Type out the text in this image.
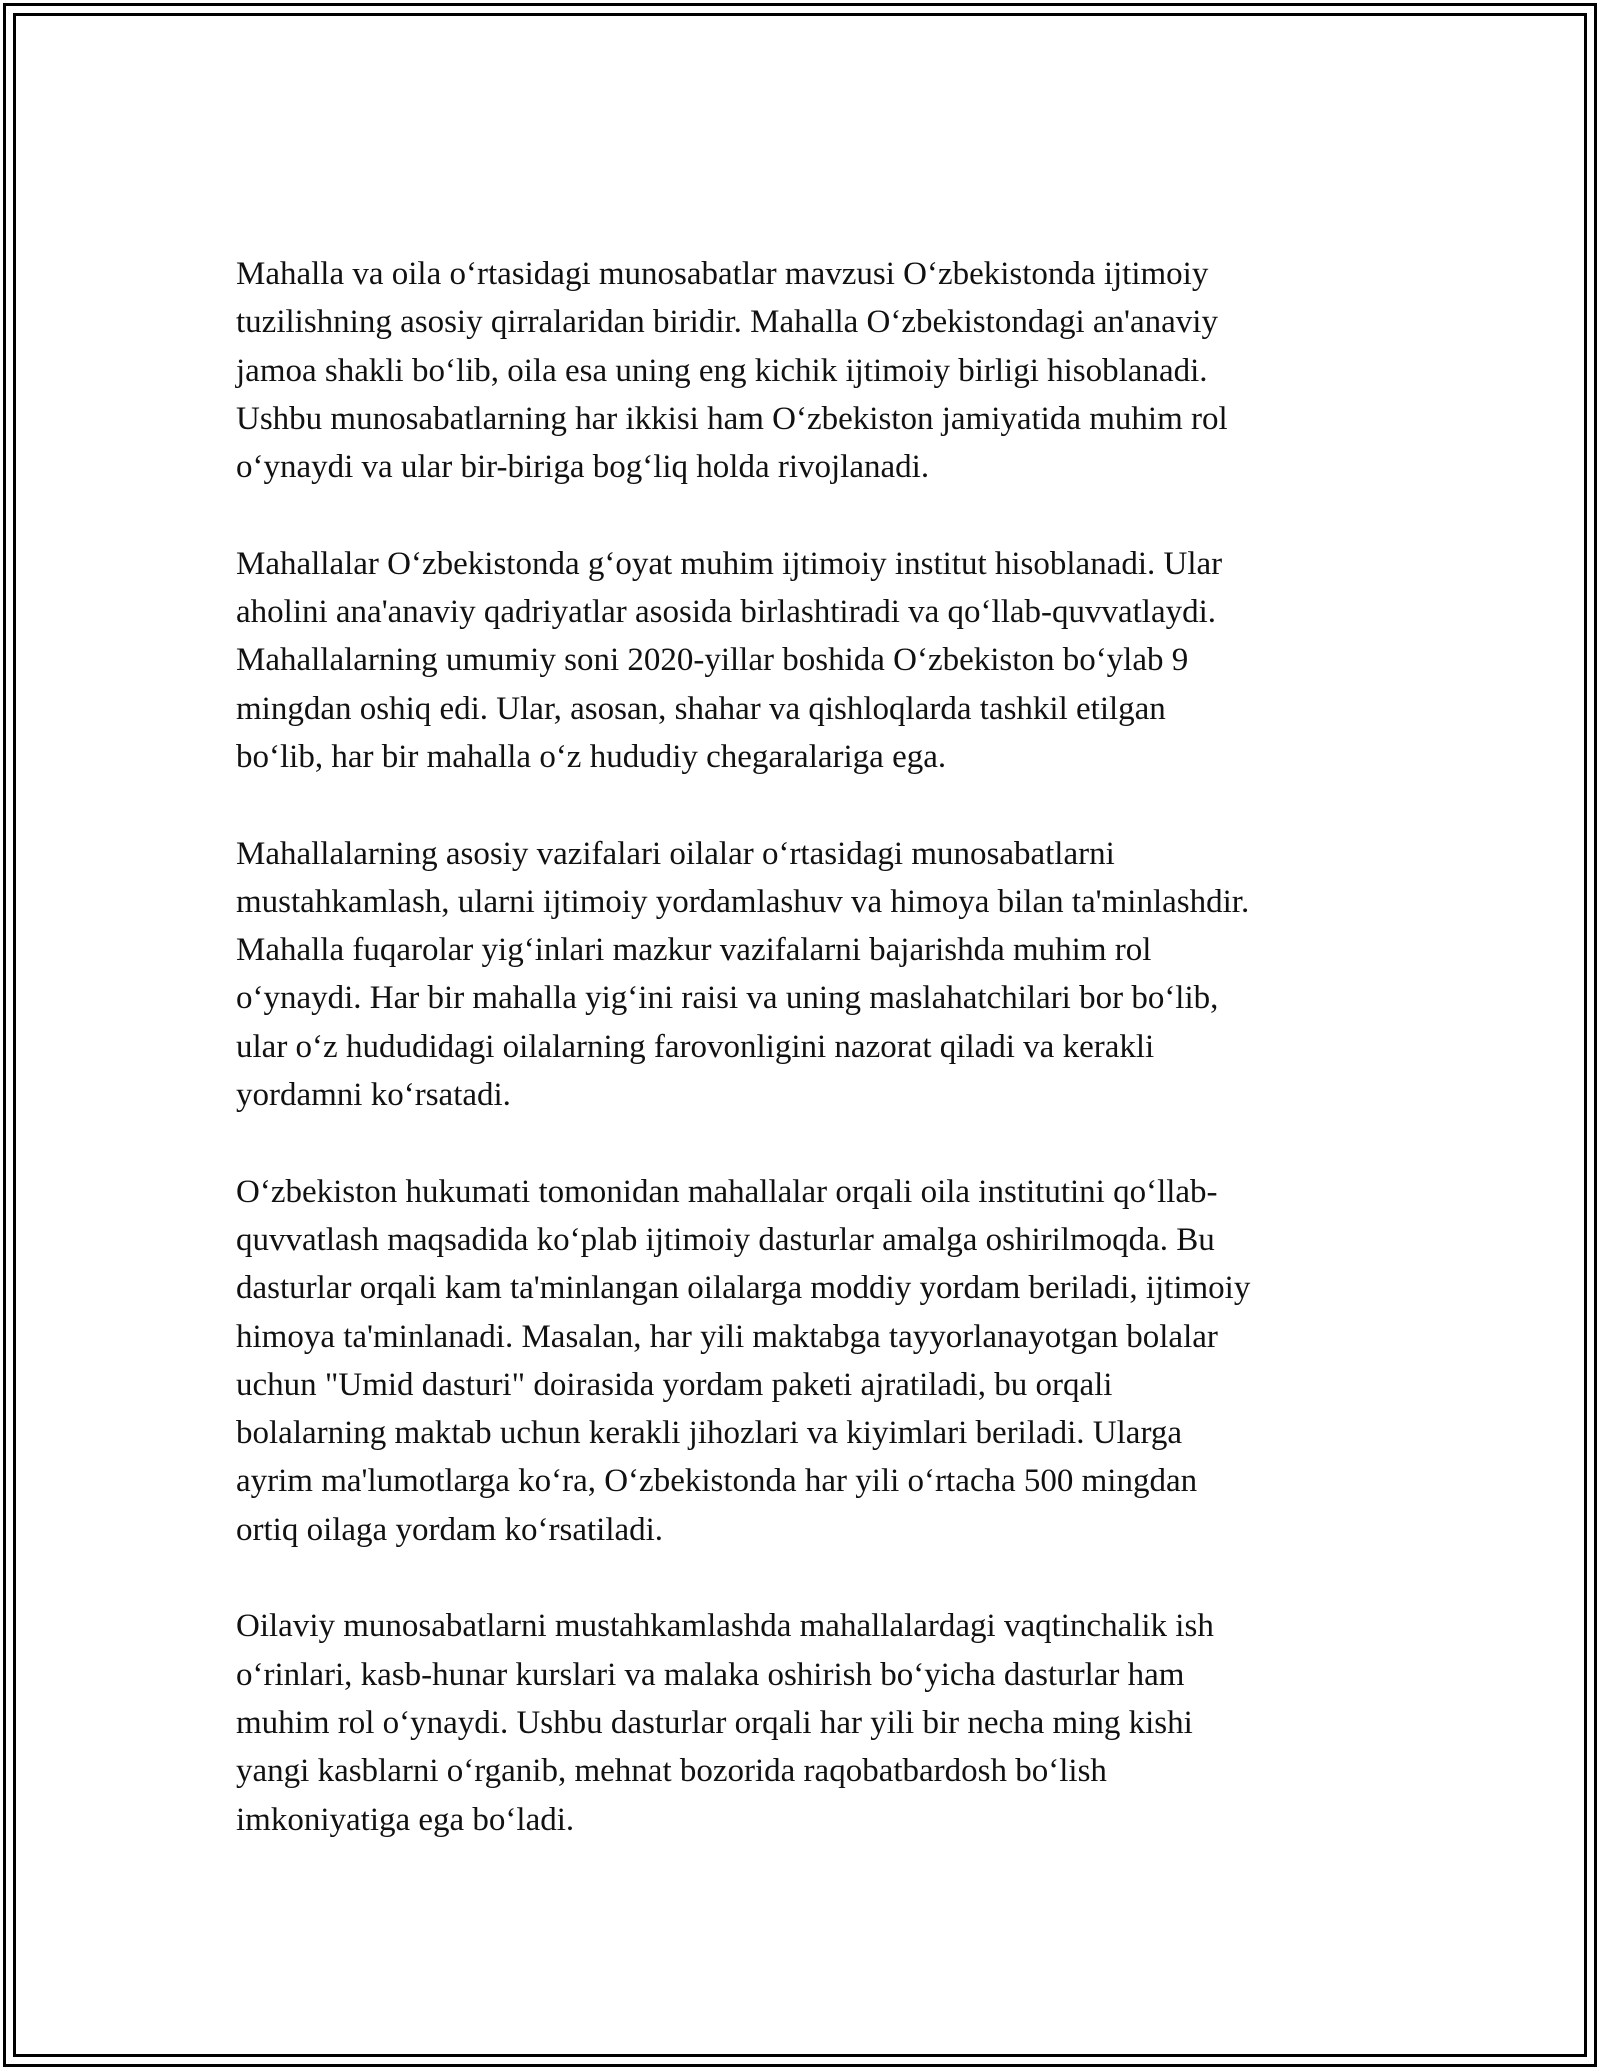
Mahalla va oila oʻrtasidagi munosabatlar mavzusi Oʻzbekistonda ijtimoiy
tuzilishning asosiy qirralaridan biridir. Mahalla Oʻzbekistondagi an'anaviy
jamoa shakli boʻlib, oila esa uning eng kichik ijtimoiy birligi hisoblanadi.
Ushbu munosabatlarning har ikkisi ham Oʻzbekiston jamiyatida muhim rol
oʻynaydi va ular bir-biriga bogʻliq holda rivojlanadi.

Mahallalar Oʻzbekistonda gʻoyat muhim ijtimoiy institut hisoblanadi. Ular
aholini ana'anaviy qadriyatlar asosida birlashtiradi va qoʻllab-quvvatlaydi.
Mahallalarning umumiy soni 2020-yillar boshida Oʻzbekiston boʻylab 9
mingdan oshiq edi. Ular, asosan, shahar va qishloqlarda tashkil etilgan
boʻlib, har bir mahalla oʻz hududiy chegaralariga ega.

Mahallalarning asosiy vazifalari oilalar oʻrtasidagi munosabatlarni
mustahkamlash, ularni ijtimoiy yordamlashuv va himoya bilan ta'minlashdir.
Mahalla fuqarolar yigʻinlari mazkur vazifalarni bajarishda muhim rol
oʻynaydi. Har bir mahalla yigʻini raisi va uning maslahatchilari bor boʻlib,
ular oʻz hududidagi oilalarning farovonligini nazorat qiladi va kerakli
yordamni koʻrsatadi.

Oʻzbekiston hukumati tomonidan mahallalar orqali oila institutini qoʻllab-
quvvatlash maqsadida koʻplab ijtimoiy dasturlar amalga oshirilmoqda. Bu
dasturlar orqali kam ta'minlangan oilalarga moddiy yordam beriladi, ijtimoiy
himoya ta'minlanadi. Masalan, har yili maktabga tayyorlanayotgan bolalar
uchun "Umid dasturi" doirasida yordam paketi ajratiladi, bu orqali
bolalarning maktab uchun kerakli jihozlari va kiyimlari beriladi. Ularga
ayrim ma'lumotlarga koʻra, Oʻzbekistonda har yili oʻrtacha 500 mingdan
ortiq oilaga yordam koʻrsatiladi.

Oilaviy munosabatlarni mustahkamlashda mahallalardagi vaqtinchalik ish
oʻrinlari, kasb-hunar kurslari va malaka oshirish boʻyicha dasturlar ham
muhim rol oʻynaydi. Ushbu dasturlar orqali har yili bir necha ming kishi
yangi kasblarni oʻrganib, mehnat bozorida raqobatbardosh boʻlish
imkoniyatiga ega boʻladi.
